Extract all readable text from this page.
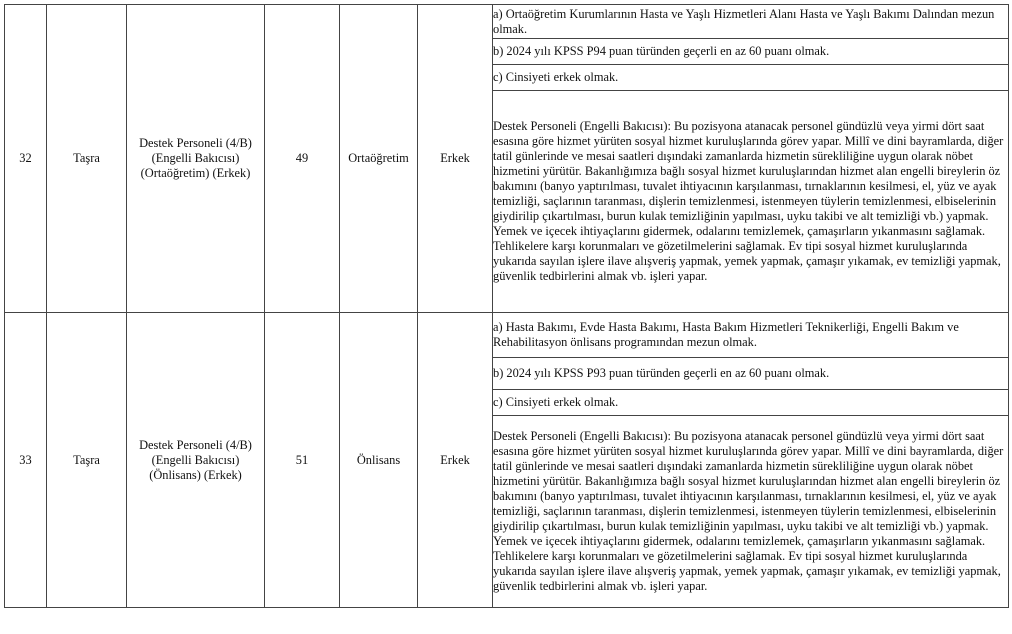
32	Taşra	Destek Personeli (4/B)
(Engelli Bakıcısı)
(Ortaöğretim) (Erkek)	49	Ortaöğretim	Erkek	a) Ortaöğretim Kurumlarının Hasta ve Yaşlı Hizmetleri Alanı Hasta ve Yaşlı Bakımı Dalından mezun olmak.
						b) 2024 yılı KPSS P94 puan türünden geçerli en az 60 puanı olmak.
						c) Cinsiyeti erkek olmak.
						Destek Personeli (Engelli Bakıcısı): Bu pozisyona atanacak personel gündüzlü veya yirmi dört saat esasına göre hizmet yürüten sosyal hizmet kuruluşlarında görev yapar. Millî ve dini bayramlarda, diğer tatil günlerinde ve mesai saatleri dışındaki zamanlarda hizmetin sürekliliğine uygun olarak nöbet hizmetini yürütür. Bakanlığımıza bağlı sosyal hizmet kuruluşlarından hizmet alan engelli bireylerin öz bakımını (banyo yaptırılması, tuvalet ihtiyacının karşılanması, tırnaklarının kesilmesi, el, yüz ve ayak temizliği, saçlarının taranması, dişlerin temizlenmesi, istenmeyen tüylerin temizlenmesi, elbiselerinin giydirilip çıkartılması, burun kulak temizliğinin yapılması, uyku takibi ve alt temizliği vb.) yapmak. Yemek ve içecek ihtiyaçlarını gidermek, odalarını temizlemek, çamaşırların yıkanmasını sağlamak. Tehlikelere karşı korunmaları ve gözetilmelerini sağlamak. Ev tipi sosyal hizmet kuruluşlarında yukarıda sayılan işlere ilave alışveriş yapmak, yemek yapmak, çamaşır yıkamak, ev temizliği yapmak, güvenlik tedbirlerini almak vb. işleri yapar.
33	Taşra	Destek Personeli (4/B)
(Engelli Bakıcısı)
(Önlisans) (Erkek)	51	Önlisans	Erkek	a) Hasta Bakımı, Evde Hasta Bakımı, Hasta Bakım Hizmetleri Teknikerliği, Engelli Bakım ve Rehabilitasyon önlisans programından mezun olmak.
						b) 2024 yılı KPSS P93 puan türünden geçerli en az 60 puanı olmak.
						c) Cinsiyeti erkek olmak.
						Destek Personeli (Engelli Bakıcısı): Bu pozisyona atanacak personel gündüzlü veya yirmi dört saat esasına göre hizmet yürüten sosyal hizmet kuruluşlarında görev yapar. Millî ve dini bayramlarda, diğer tatil günlerinde ve mesai saatleri dışındaki zamanlarda hizmetin sürekliliğine uygun olarak nöbet hizmetini yürütür. Bakanlığımıza bağlı sosyal hizmet kuruluşlarından hizmet alan engelli bireylerin öz bakımını (banyo yaptırılması, tuvalet ihtiyacının karşılanması, tırnaklarının kesilmesi, el, yüz ve ayak temizliği, saçlarının taranması, dişlerin temizlenmesi, istenmeyen tüylerin temizlenmesi, elbiselerinin giydirilip çıkartılması, burun kulak temizliğinin yapılması, uyku takibi ve alt temizliği vb.) yapmak. Yemek ve içecek ihtiyaçlarını gidermek, odalarını temizlemek, çamaşırların yıkanmasını sağlamak. Tehlikelere karşı korunmaları ve gözetilmelerini sağlamak. Ev tipi sosyal hizmet kuruluşlarında yukarıda sayılan işlere ilave alışveriş yapmak, yemek yapmak, çamaşır yıkamak, ev temizliği yapmak, güvenlik tedbirlerini almak vb. işleri yapar.
